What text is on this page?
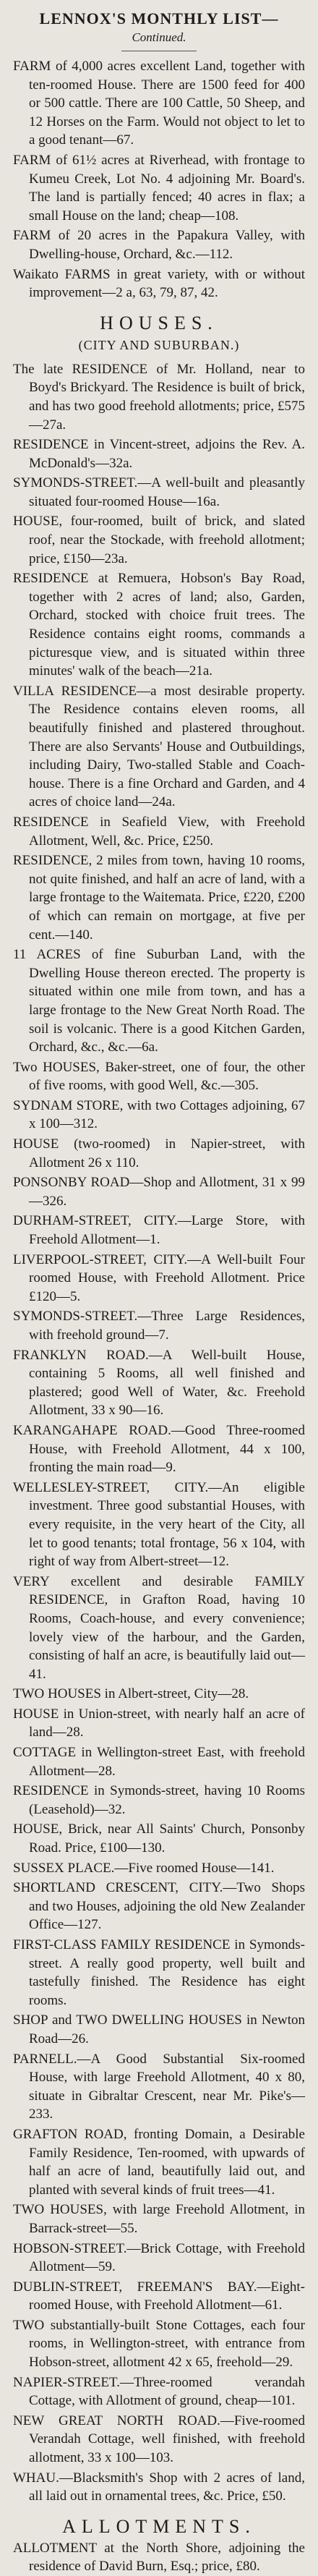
LENNOX'S MONTHLY LIST—
Continued.

FARM of 4,000 acres excellent Land, together with ten-roomed House. There are 1500 feed for 400 or 500 cattle. There are 100 Cattle, 50 Sheep, and 12 Horses on the Farm. Would not object to let to a good tenant—67.

FARM of 61½ acres at Riverhead, with frontage to Kumeu Creek, Lot No. 4 adjoining Mr. Board's. The land is partially fenced; 40 acres in flax; a small House on the land; cheap—108.

FARM of 20 acres in the Papakura Valley, with Dwelling-house, Orchard, &c.—112.

Waikato FARMS in great variety, with or without improvement—2 a, 63, 79, 87, 42.

HOUSES.
(CITY AND SUBURBAN.)

The late RESIDENCE of Mr. Holland, near to Boyd's Brickyard. The Residence is built of brick, and has two good freehold allotments; price, £575—27a.

RESIDENCE in Vincent-street, adjoins the Rev. A. McDonald's—32a.

SYMONDS-STREET.—A well-built and pleasantly situated four-roomed House—16a.

HOUSE, four-roomed, built of brick, and slated roof, near the Stockade, with freehold allotment; price, £150—23a.

RESIDENCE at Remuera, Hobson's Bay Road, together with 2 acres of land; also, Garden, Orchard, stocked with choice fruit trees. The Residence contains eight rooms, commands a picturesque view, and is situated within three minutes' walk of the beach—21a.

VILLA RESIDENCE—a most desirable property. The Residence contains eleven rooms, all beautifully finished and plastered throughout. There are also Servants' House and Outbuildings, including Dairy, Two-stalled Stable and Coach-house. There is a fine Orchard and Garden, and 4 acres of choice land—24a.

RESIDENCE in Seafield View, with Freehold Allotment, Well, &c. Price, £250.

RESIDENCE, 2 miles from town, having 10 rooms, not quite finished, and half an acre of land, with a large frontage to the Waitemata. Price, £220, £200 of which can remain on mortgage, at five per cent.—140.

11 ACRES of fine Suburban Land, with the Dwelling House thereon erected. The property is situated within one mile from town, and has a large frontage to the New Great North Road. The soil is volcanic. There is a good Kitchen Garden, Orchard, &c., &c.—6a.

Two HOUSES, Baker-street, one of four, the other of five rooms, with good Well, &c.—305.

SYDNAM STORE, with two Cottages adjoining, 67 x 100—312.

HOUSE (two-roomed) in Napier-street, with Allotment 26 x 110.

PONSONBY ROAD—Shop and Allotment, 31 x 99—326.

DURHAM-STREET, CITY.—Large Store, with Freehold Allotment—1.

LIVERPOOL-STREET, CITY.—A Well-built Four roomed House, with Freehold Allotment. Price £120—5.

SYMONDS-STREET.—Three Large Residences, with freehold ground—7.

FRANKLYN ROAD.—A Well-built House, containing 5 Rooms, all well finished and plastered; good Well of Water, &c. Freehold Allotment, 33 x 90—16.

KARANGAHAPE ROAD.—Good Three-roomed House, with Freehold Allotment, 44 x 100, fronting the main road—9.

WELLESLEY-STREET, CITY.—An eligible investment. Three good substantial Houses, with every requisite, in the very heart of the City, all let to good tenants; total frontage, 56 x 104, with right of way from Albert-street—12.

VERY excellent and desirable FAMILY RESIDENCE, in Grafton Road, having 10 Rooms, Coach-house, and every convenience; lovely view of the harbour, and the Garden, consisting of half an acre, is beautifully laid out—41.

TWO HOUSES in Albert-street, City—28.

HOUSE in Union-street, with nearly half an acre of land—28.

COTTAGE in Wellington-street East, with freehold Allotment—28.

RESIDENCE in Symonds-street, having 10 Rooms (Leasehold)—32.

HOUSE, Brick, near All Saints' Church, Ponsonby Road. Price, £100—130.

SUSSEX PLACE.—Five roomed House—141.

SHORTLAND CRESCENT, CITY.—Two Shops and two Houses, adjoining the old New Zealander Office—127.

FIRST-CLASS FAMILY RESIDENCE in Symonds-street. A really good property, well built and tastefully finished. The Residence has eight rooms.

SHOP and TWO DWELLING HOUSES in Newton Road—26.

PARNELL.—A Good Substantial Six-roomed House, with large Freehold Allotment, 40 x 80, situate in Gibraltar Crescent, near Mr. Pike's—233.

GRAFTON ROAD, fronting Domain, a Desirable Family Residence, Ten-roomed, with upwards of half an acre of land, beautifully laid out, and planted with several kinds of fruit trees—41.

TWO HOUSES, with large Freehold Allotment, in Barrack-street—55.

HOBSON-STREET.—Brick Cottage, with Freehold Allotment—59.

DUBLIN-STREET, FREEMAN'S BAY.—Eight-roomed House, with Freehold Allotment—61.

TWO substantially-built Stone Cottages, each four rooms, in Wellington-street, with entrance from Hobson-street, allotment 42 x 65, freehold—29.

NAPIER-STREET.—Three-roomed verandah Cottage, with Allotment of ground, cheap—101.

NEW GREAT NORTH ROAD.—Five-roomed Verandah Cottage, well finished, with freehold allotment, 33 x 100—103.

WHAU.—Blacksmith's Shop with 2 acres of land, all laid out in ornamental trees, &c. Price, £50.

ALLOTMENTS.

ALLOTMENT at the North Shore, adjoining the residence of David Burn, Esq.; price, £80.
